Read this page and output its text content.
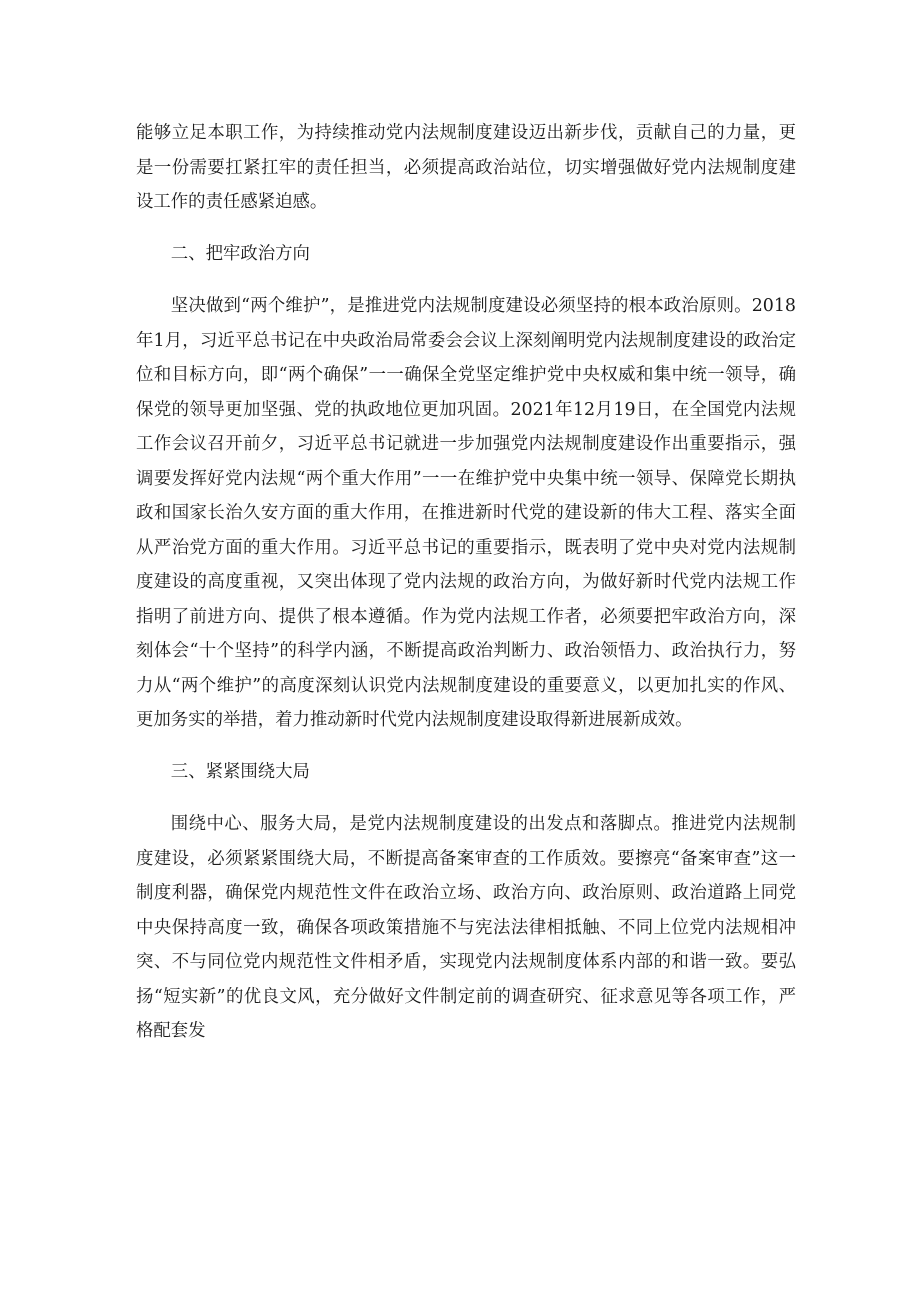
能够立足本职工作，为持续推动党内法规制度建设迈出新步伐，贡献自己的力量，更是一份需要扛紧扛牢的责任担当，必须提高政治站位，切实增强做好党内法规制度建设工作的责任感紧迫感。

二、把牢政治方向

坚决做到“两个维护”，是推进党内法规制度建设必须坚持的根本政治原则。2018年1月，习近平总书记在中央政治局常委会会议上深刻阐明党内法规制度建设的政治定位和目标方向，即“两个确保”一一确保全党坚定维护党中央权威和集中统一领导，确保党的领导更加坚强、党的执政地位更加巩固。2021年12月19日，在全国党内法规工作会议召开前夕，习近平总书记就进一步加强党内法规制度建设作出重要指示，强调要发挥好党内法规“两个重大作用”一一在维护党中央集中统一领导、保障党长期执政和国家长治久安方面的重大作用，在推进新时代党的建设新的伟大工程、落实全面从严治党方面的重大作用。习近平总书记的重要指示，既表明了党中央对党内法规制度建设的高度重视，又突出体现了党内法规的政治方向，为做好新时代党内法规工作指明了前进方向、提供了根本遵循。作为党内法规工作者，必须要把牢政治方向，深刻体会“十个坚持”的科学内涵，不断提高政治判断力、政治领悟力、政治执行力，努力从“两个维护”的高度深刻认识党内法规制度建设的重要意义，以更加扎实的作风、更加务实的举措，着力推动新时代党内法规制度建设取得新进展新成效。

三、紧紧围绕大局

围绕中心、服务大局，是党内法规制度建设的出发点和落脚点。推进党内法规制度建设，必须紧紧围绕大局，不断提高备案审查的工作质效。要擦亮“备案审查”这一制度利器，确保党内规范性文件在政治立场、政治方向、政治原则、政治道路上同党中央保持高度一致，确保各项政策措施不与宪法法律相抵触、不同上位党内法规相冲突、不与同位党内规范性文件相矛盾，实现党内法规制度体系内部的和谐一致。要弘扬“短实新”的优良文风，充分做好文件制定前的调查研究、征求意见等各项工作，严格配套发
